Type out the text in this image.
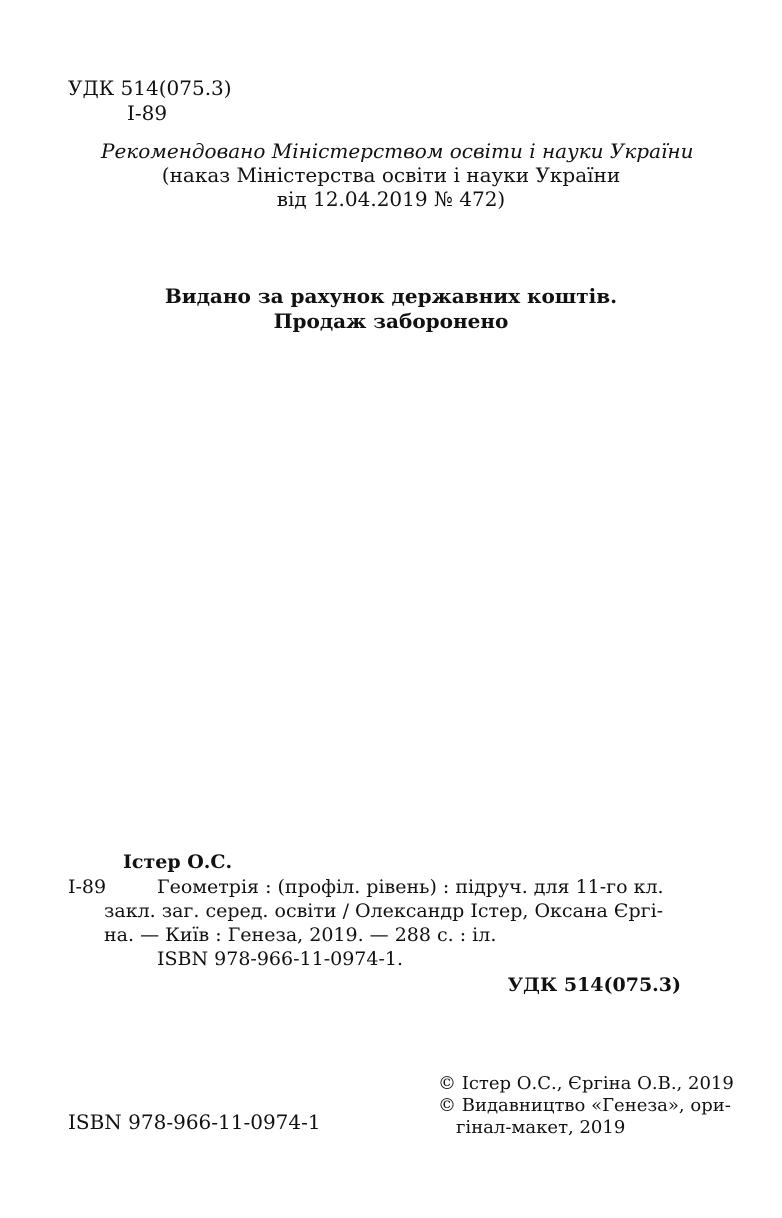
УДК 514(075.3)
І-89
Рекомендовано Міністерством освіти і науки України
(наказ Міністерства освіти і науки України
від 12.04.2019 № 472)
Видано за рахунок державних коштів.
Продаж заборонено
Істер О.С.
І-89	Геометрія : (профіл. рівень) : підруч. для 11-го кл.
закл. заг. серед. освіти / Олександр Істер, Оксана Єргі-
на. — Київ : Генеза, 2019. — 288 с. : іл.
ISBN 978-966-11-0974-1.
УДК 514(075.3)
ISBN 978-966-11-0974-1
© Істер О.С., Єргіна О.В., 2019
© Видавництво «Генеза», ори-
гінал-макет, 2019
